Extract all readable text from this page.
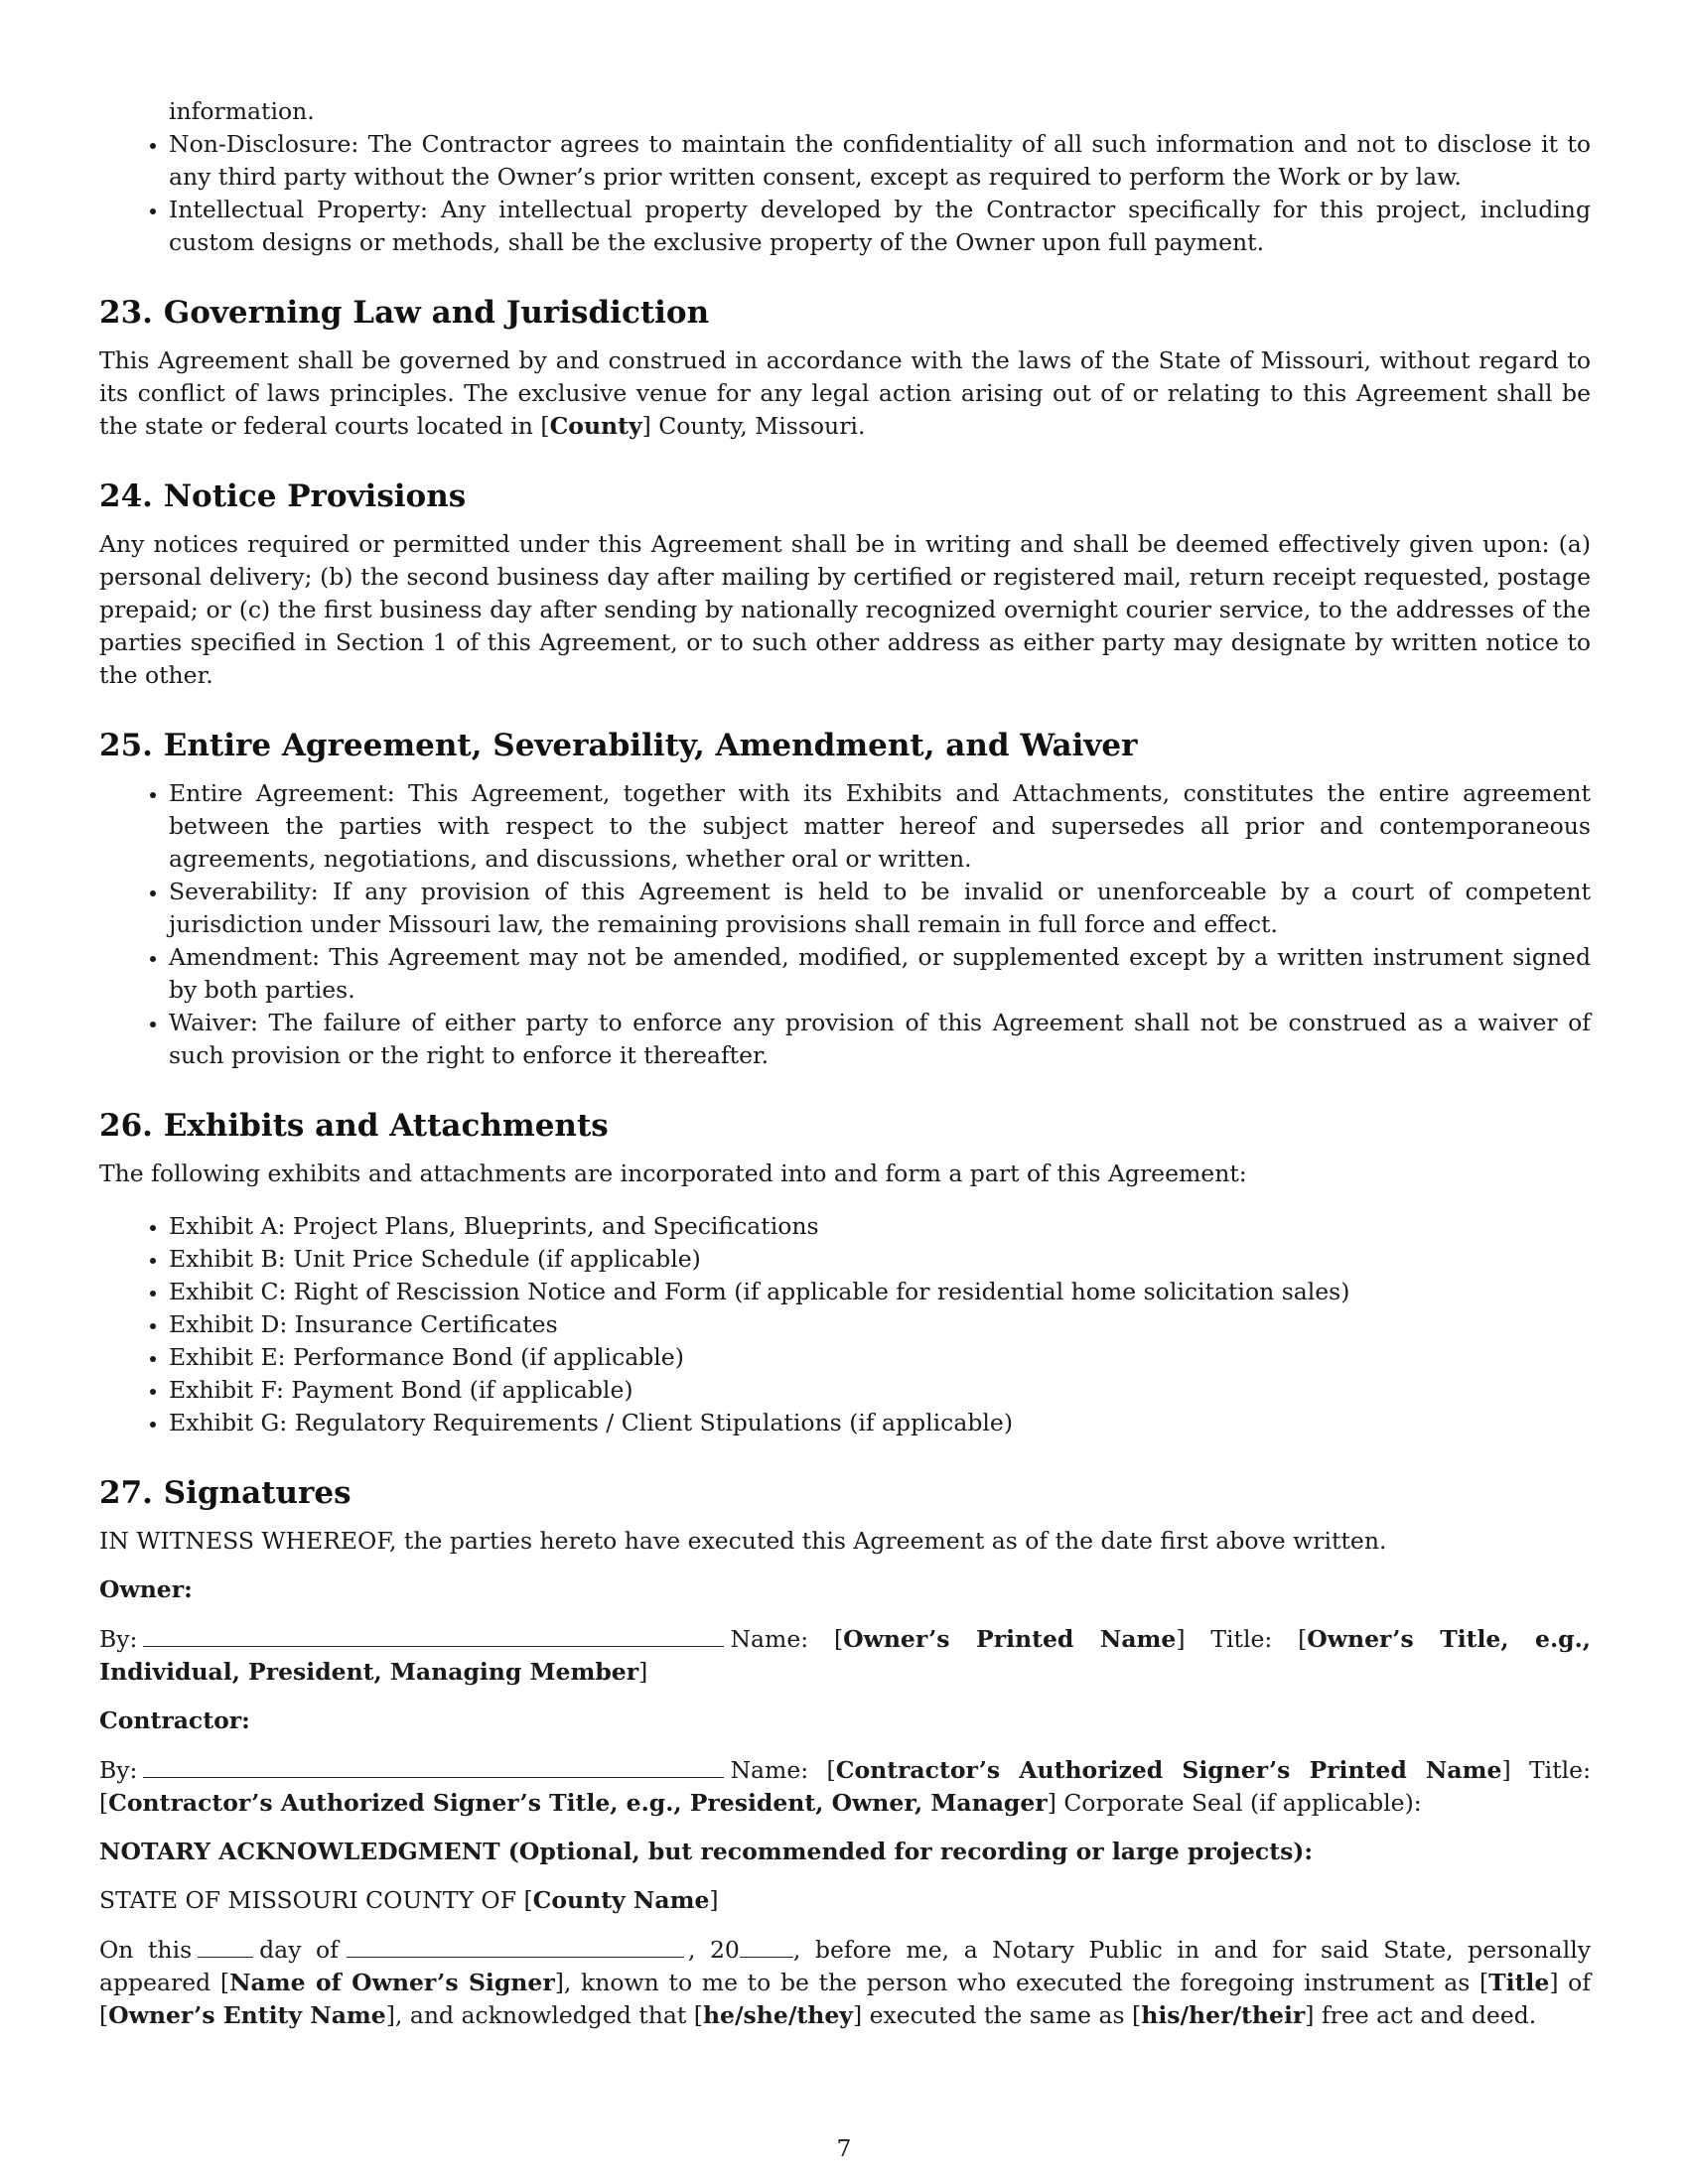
information.

• Non-Disclosure: The Contractor agrees to maintain the confidentiality of all such information and not to disclose it to any third party without the Owner’s prior written consent, except as required to perform the Work or by law.
• Intellectual Property: Any intellectual property developed by the Contractor specifically for this project, including custom designs or methods, shall be the exclusive property of the Owner upon full payment.
23. Governing Law and Jurisdiction

This Agreement shall be governed by and construed in accordance with the laws of the State of Missouri, without regard to its conflict of laws principles. The exclusive venue for any legal action arising out of or relating to this Agreement shall be the state or federal courts located in [County] County, Missouri.

24. Notice Provisions

Any notices required or permitted under this Agreement shall be in writing and shall be deemed effectively given upon: (a) personal delivery; (b) the second business day after mailing by certified or registered mail, return receipt requested, postage prepaid; or (c) the first business day after sending by nationally recognized overnight courier service, to the addresses of the parties specified in Section 1 of this Agreement, or to such other address as either party may designate by written notice to the other.

25. Entire Agreement, Severability, Amendment, and Waiver
• Entire Agreement: This Agreement, together with its Exhibits and Attachments, constitutes the entire agreement between the parties with respect to the subject matter hereof and supersedes all prior and contemporaneous agreements, negotiations, and discussions, whether oral or written.
• Severability: If any provision of this Agreement is held to be invalid or unenforceable by a court of competent jurisdiction under Missouri law, the remaining provisions shall remain in full force and effect.
• Amendment: This Agreement may not be amended, modified, or supplemented except by a written instrument signed by both parties.
• Waiver: The failure of either party to enforce any provision of this Agreement shall not be construed as a waiver of such provision or the right to enforce it thereafter.
26. Exhibits and Attachments

The following exhibits and attachments are incorporated into and form a part of this Agreement:

• Exhibit A: Project Plans, Blueprints, and Specifications
• Exhibit B: Unit Price Schedule (if applicable)
• Exhibit C: Right of Rescission Notice and Form (if applicable for residential home solicitation sales)
• Exhibit D: Insurance Certificates
• Exhibit E: Performance Bond (if applicable)
• Exhibit F: Payment Bond (if applicable)
• Exhibit G: Regulatory Requirements / Client Stipulations (if applicable)
27. Signatures

IN WITNESS WHEREOF, the parties hereto have executed this Agreement as of the date first above written.

Owner:

By:	Name: [Owner’s Printed Name] Title: [Owner’s Title, e.g., Individual, President, Managing Member]

Contractor:

By:	Name: [Contractor’s Authorized Signer’s Printed Name] Title: [Contractor’s Authorized Signer’s Title, e.g., President, Owner, Manager] Corporate Seal (if applicable):

NOTARY ACKNOWLEDGMENT (Optional, but recommended for recording or large projects):

STATE OF MISSOURI COUNTY OF [County Name]

On this	day of	, 20 , before me, a Notary Public in and for said State, personally appeared [Name of Owner’s Signer], known to me to be the person who executed the foregoing instrument as [Title] of [Owner’s Entity Name], and acknowledged that [he/she/they] executed the same as [his/her/their] free act and deed.

7
